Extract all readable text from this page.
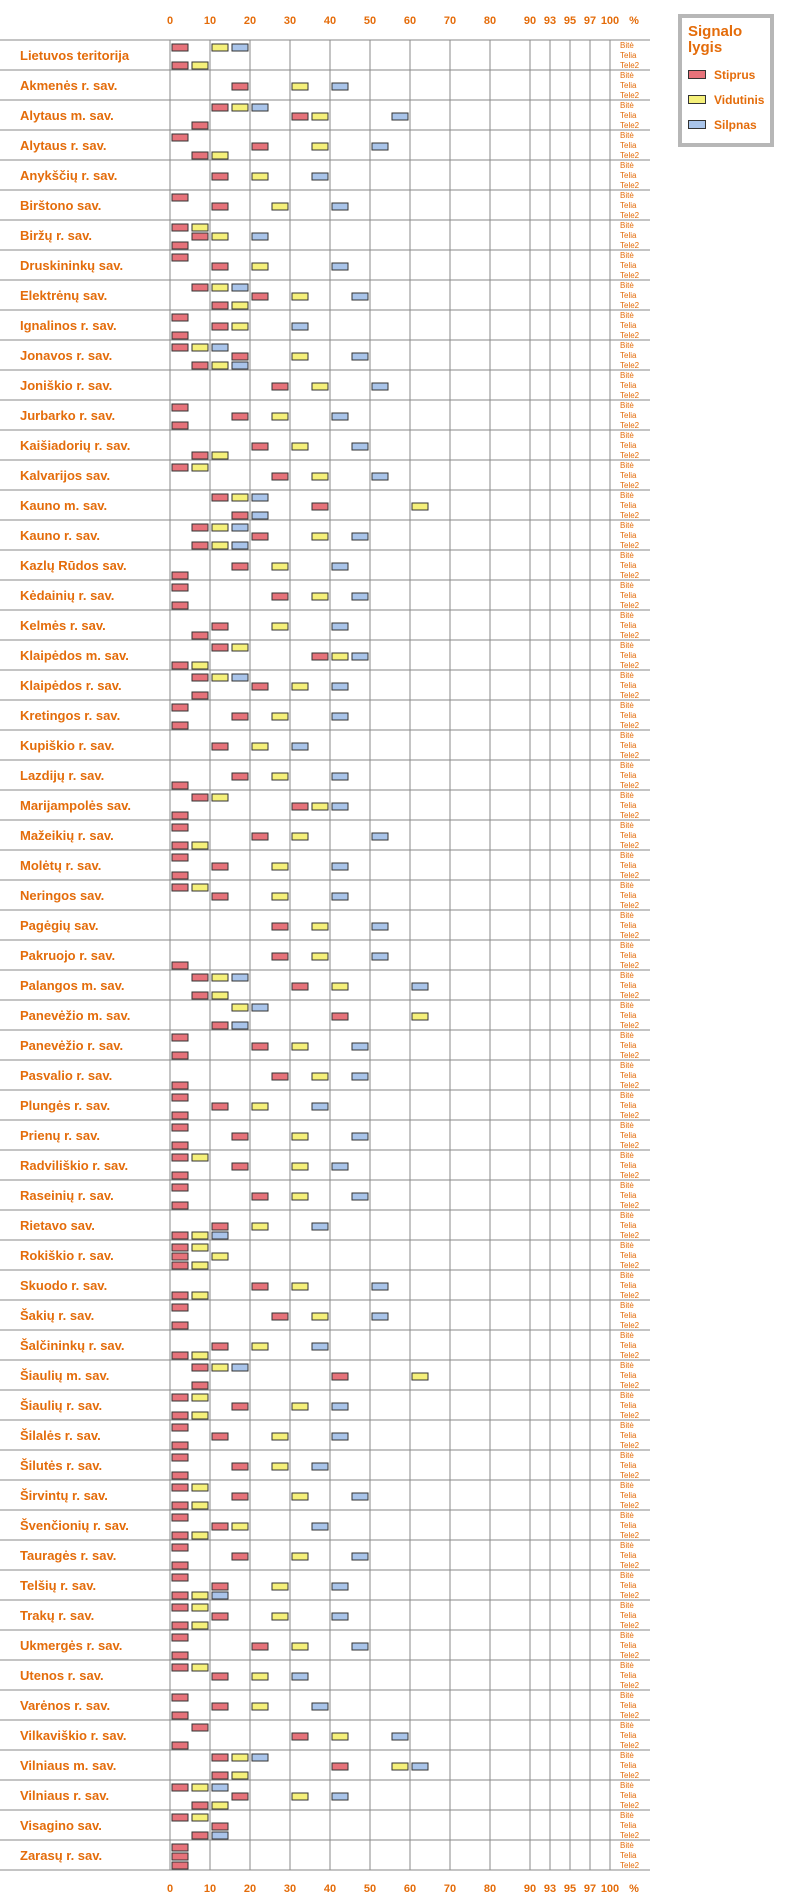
0	10	20	30	40	50	60	70	80	90 93 95 97 100 %
0	10	20	30	40	50	60	70	80	90 93 95 97 100 %
Lietuvos teritorija
Bitė
Telia
Tele2
Akmenės r. sav.
Bitė
Telia
Tele2
Alytaus m. sav.
Bitė
Telia
Tele2
Alytaus r. sav.
Bitė
Telia
Tele2
Anykščių r. sav.
Bitė
Telia
Tele2
Birštono sav.
Bitė
Telia
Tele2
Biržų r. sav.
Bitė
Telia
Tele2
Druskininkų sav.
Bitė
Telia
Tele2
Elektrėnų sav.
Bitė
Telia
Tele2
Ignalinos r. sav.
Bitė
Telia
Tele2
Jonavos r. sav.
Bitė
Telia
Tele2
Joniškio r. sav.
Bitė
Telia
Tele2
Jurbarko r. sav.
Bitė
Telia
Tele2
Kaišiadorių r. sav.
Bitė
Telia
Tele2
Kalvarijos sav.
Bitė
Telia
Tele2
Kauno m. sav.
Bitė
Telia
Tele2
Kauno r. sav.
Bitė
Telia
Tele2
Kazlų Rūdos sav.
Bitė
Telia
Tele2
Kėdainių r. sav.
Bitė
Telia
Tele2
Kelmės r. sav.
Bitė
Telia
Tele2
Klaipėdos m. sav.
Bitė
Telia
Tele2
Klaipėdos r. sav.
Bitė
Telia
Tele2
Kretingos r. sav.
Bitė
Telia
Tele2
Kupiškio r. sav.
Bitė
Telia
Tele2
Lazdijų r. sav.
Bitė
Telia
Tele2
Marijampolės sav.
Bitė
Telia
Tele2
Mažeikių r. sav.
Bitė
Telia
Tele2
Molėtų r. sav.
Bitė
Telia
Tele2
Neringos sav.
Bitė
Telia
Tele2
Pagėgių sav.
Bitė
Telia
Tele2
Pakruojo r. sav.
Bitė
Telia
Tele2
Palangos m. sav.
Bitė
Telia
Tele2
Panevėžio m. sav.
Bitė
Telia
Tele2
Panevėžio r. sav.
Bitė
Telia
Tele2
Pasvalio r. sav.
Bitė
Telia
Tele2
Plungės r. sav.
Bitė
Telia
Tele2
Prienų r. sav.
Bitė
Telia
Tele2
Radviliškio r. sav.
Bitė
Telia
Tele2
Raseinių r. sav.
Bitė
Telia
Tele2
Rietavo sav.
Bitė
Telia
Tele2
Rokiškio r. sav.
Bitė
Telia
Tele2
Skuodo r. sav.
Bitė
Telia
Tele2
Šakių r. sav.
Bitė
Telia
Tele2
Šalčininkų r. sav.
Bitė
Telia
Tele2
Šiaulių m. sav.
Bitė
Telia
Tele2
Šiaulių r. sav.
Bitė
Telia
Tele2
Šilalės r. sav.
Bitė
Telia
Tele2
Šilutės r. sav.
Bitė
Telia
Tele2
Širvintų r. sav.
Bitė
Telia
Tele2
Švenčionių r. sav.
Bitė
Telia
Tele2
Tauragės r. sav.
Bitė
Telia
Tele2
Telšių r. sav.
Bitė
Telia
Tele2
Trakų r. sav.
Bitė
Telia
Tele2
Ukmergės r. sav.
Bitė
Telia
Tele2
Utenos r. sav.
Bitė
Telia
Tele2
Varėnos r. sav.
Bitė
Telia
Tele2
Vilkaviškio r. sav.
Bitė
Telia
Tele2
Vilniaus m. sav.
Bitė
Telia
Tele2
Vilniaus r. sav.
Bitė
Telia
Tele2
Visagino sav.
Bitė
Telia
Tele2
Zarasų r. sav.
Bitė
Telia
Tele2
Signalo lygis
Stiprus
Vidutinis
Silpnas
